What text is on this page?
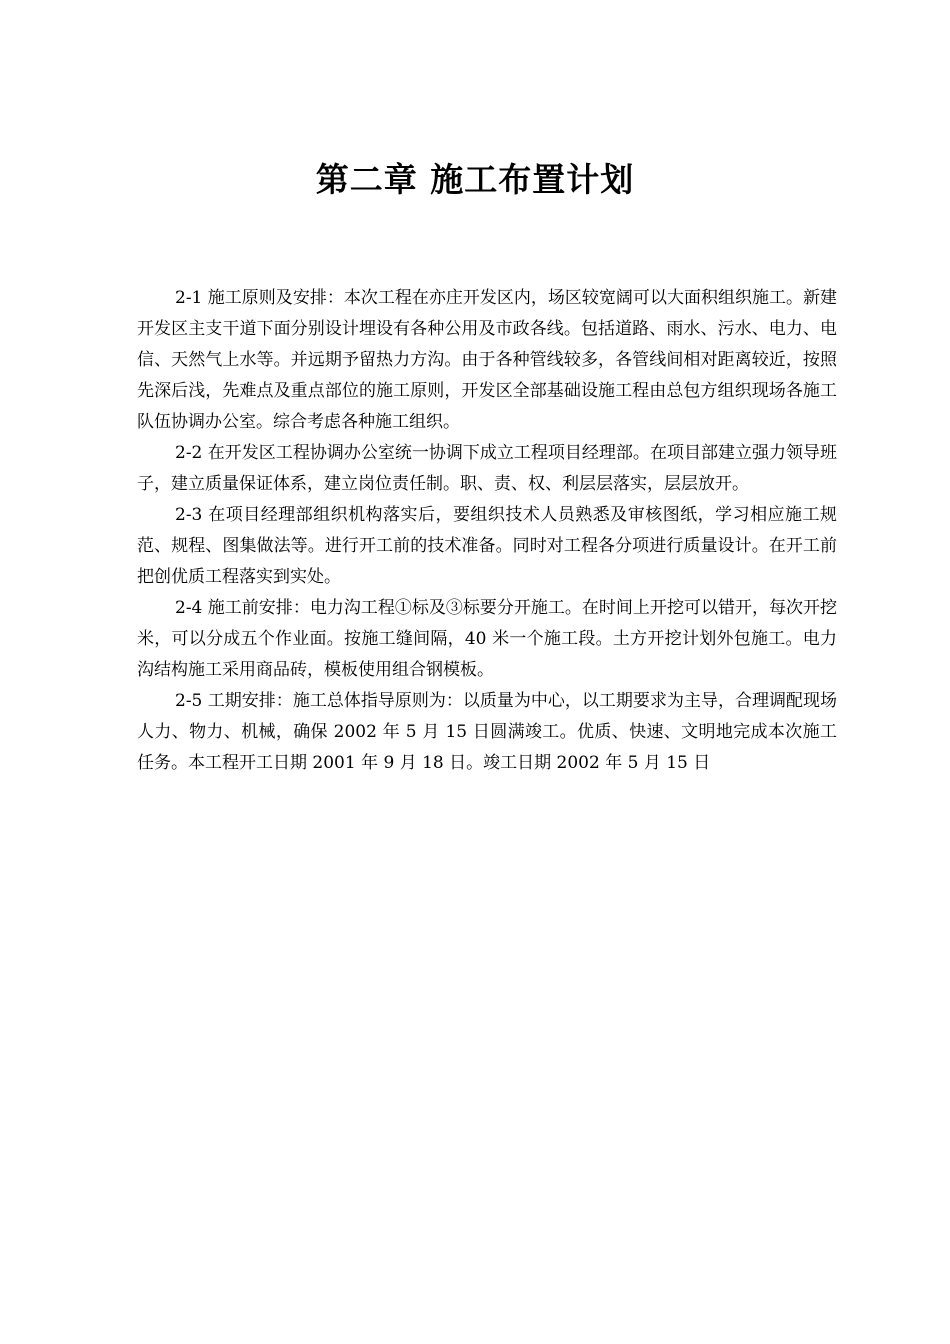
第二章 施工布置计划

2-1 施工原则及安排：本次工程在亦庄开发区内，场区较宽阔可以大面积组织施工。新建开发区主支干道下面分别设计埋设有各种公用及市政各线。包括道路、雨水、污水、电力、电信、天然气上水等。并远期予留热力方沟。由于各种管线较多，各管线间相对距离较近，按照先深后浅，先难点及重点部位的施工原则，开发区全部基础设施工程由总包方组织现场各施工队伍协调办公室。综合考虑各种施工组织。

2-2 在开发区工程协调办公室统一协调下成立工程项目经理部。在项目部建立强力领导班子，建立质量保证体系，建立岗位责任制。职、责、权、利层层落实，层层放开。

2-3 在项目经理部组织机构落实后，要组织技术人员熟悉及审核图纸，学习相应施工规范、规程、图集做法等。进行开工前的技术准备。同时对工程各分项进行质量设计。在开工前把创优质工程落实到实处。

2-4 施工前安排：电力沟工程①标及③标要分开施工。在时间上开挖可以错开，每次开挖米，可以分成五个作业面。按施工缝间隔，40 米一个施工段。土方开挖计划外包施工。电力沟结构施工采用商品砖，模板使用组合钢模板。

2-5 工期安排：施工总体指导原则为：以质量为中心，以工期要求为主导，合理调配现场人力、物力、机械，确保 2002 年 5 月 15 日圆满竣工。优质、快速、文明地完成本次施工任务。本工程开工日期 2001 年 9 月 18 日。竣工日期 2002 年 5 月 15 日
